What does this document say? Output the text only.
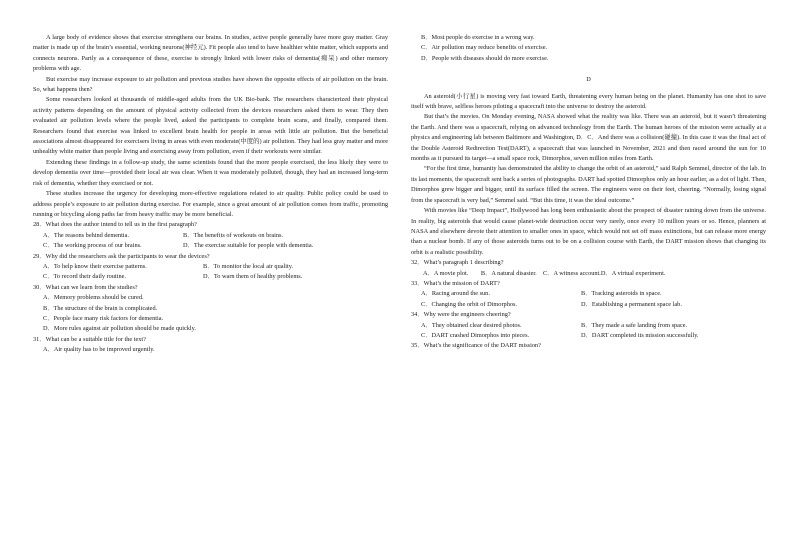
A large body of evidence shows that exercise strengthens our brains. In studies, active people generally have more gray matter. Gray matter is made up of the brain’s essential, working neurons(神经元). Fit people also tend to have healthier white matter, which supports and connects neurons. Partly as a consequence of these, exercise is strongly linked with lower risks of dementia(痴呆) and other memory problems with age.

But exercise may increase exposure to air pollution and previous studies have shown the opposite effects of air pollution on the brain. So, what happens then?

Some researchers looked at thousands of middle-aged adults from the UK Bio-bank. The researchers characterized their physical activity patterns depending on the amount of physical activity collected from the devices researchers asked them to wear. They then evaluated air pollution levels where the people lived, asked the participants to complete brain scans, and finally, compared them. Researchers found that exercise was linked to excellent brain health for people in areas with little air pollution. But the beneficial associations almost disappeared for exercisers living in areas with even moderate(中度的) air pollution. They had less gray matter and more unhealthy white matter than people living and exercising away from pollution, even if their workouts were similar.

Extending these findings in a follow-up study, the same scientists found that the more people exercised, the less likely they were to develop dementia over time—provided their local air was clear. When it was moderately polluted, though, they had an increased long-term risk of dementia, whether they exercised or not.

These studies increase the urgency for developing more-effective regulations related to air quality. Public policy could be used to address people’s exposure to air pollution during exercise. For example, since a great amount of air pollution comes from traffic, promoting running or bicycling along paths far from heavy traffic may be more beneficial.

28．What does the author intend to tell us in the first paragraph?
A．The reasons behind dementia.	B．The benefits of workouts on brains.
C．The working process of our brains.	D．The exercise suitable for people with dementia.
29．Why did the researchers ask the participants to wear the devices?
A．To help know their exercise patterns.	B．To monitor the local air quality.
C．To record their daily routine.	D．To warn them of healthy problems.
30．What can we learn from the studies?
A．Memory problems should be cured.
B．The structure of the brain is complicated.
C．People face many risk factors for dementia.
D．More rules against air pollution should be made quickly.
31．What can be a suitable title for the text?
A．Air quality has to be improved urgently.
B．Most people do exercise in a wrong way.
C．Air pollution may reduce benefits of exercise.
D．People with diseases should do more exercise.
D

An asteroid(小行星) is moving very fast toward Earth, threatening every human being on the planet. Humanity has one shot to save itself with brave, selfless heroes piloting a spacecraft into the universe to destroy the asteroid.

But that’s the movies. On Monday evening, NASA showed what the reality was like. There was an asteroid, but it wasn’t threatening the Earth. And there was a spacecraft, relying on advanced technology from the Earth. The human heroes of the mission were actually at a physics and engineering lab between Baltimore and Washington, D．C．And there was a collision(碰撞). In this case it was the final act of the Double Asteroid Redirection Test(DART), a spacecraft that was launched in November, 2021 and then raced around the sun for 10 months as it pursued its target—a small space rock, Dimorphos, seven million miles from Earth.

“For the first time, humanity has demonstrated the ability to change the orbit of an asteroid,” said Ralph Semmel, director of the lab. In its last moments, the spacecraft sent back a series of photographs. DART had spotted Dimorphos only an hour earlier, as a dot of light. Then, Dimorphos grew bigger and bigger, until its surface filled the screen. The engineers were on their feet, cheering. “Normally, losing signal from the spacecraft is very bad,” Semmel said. “But this time, it was the ideal outcome.”

With movies like “Deep Impact”, Hollywood has long been enthusiastic about the prospect of disaster raining down from the universe. In reality, big asteroids that would cause planet-wide destruction occur very rarely, once every 10 million years or so. Hence, planners at NASA and elsewhere devote their attention to smaller ones in space, which would not set off mass extinctions, but can release more energy than a nuclear bomb. If any of those asteroids turns out to be on a collision course with Earth, the DART mission shows that changing its orbit is a realistic possibility.

32．What’s paragraph 1 describing?
A．A movie plot.　　B．A natural disaster.　C．A witness account.D．A virtual experiment.
33．What’s the mission of DART?
A．Racing around the sun.	B．Tracking asteroids in space.
C．Changing the orbit of Dimorphos.	D．Establishing a permanent space lab.
34．Why were the engineers cheering?
A．They obtained clear desired photos.	B．They made a safe landing from space.
C．DART crashed Dimorphos into pieces.	D．DART completed its mission successfully.
35．What’s the significance of the DART mission?
